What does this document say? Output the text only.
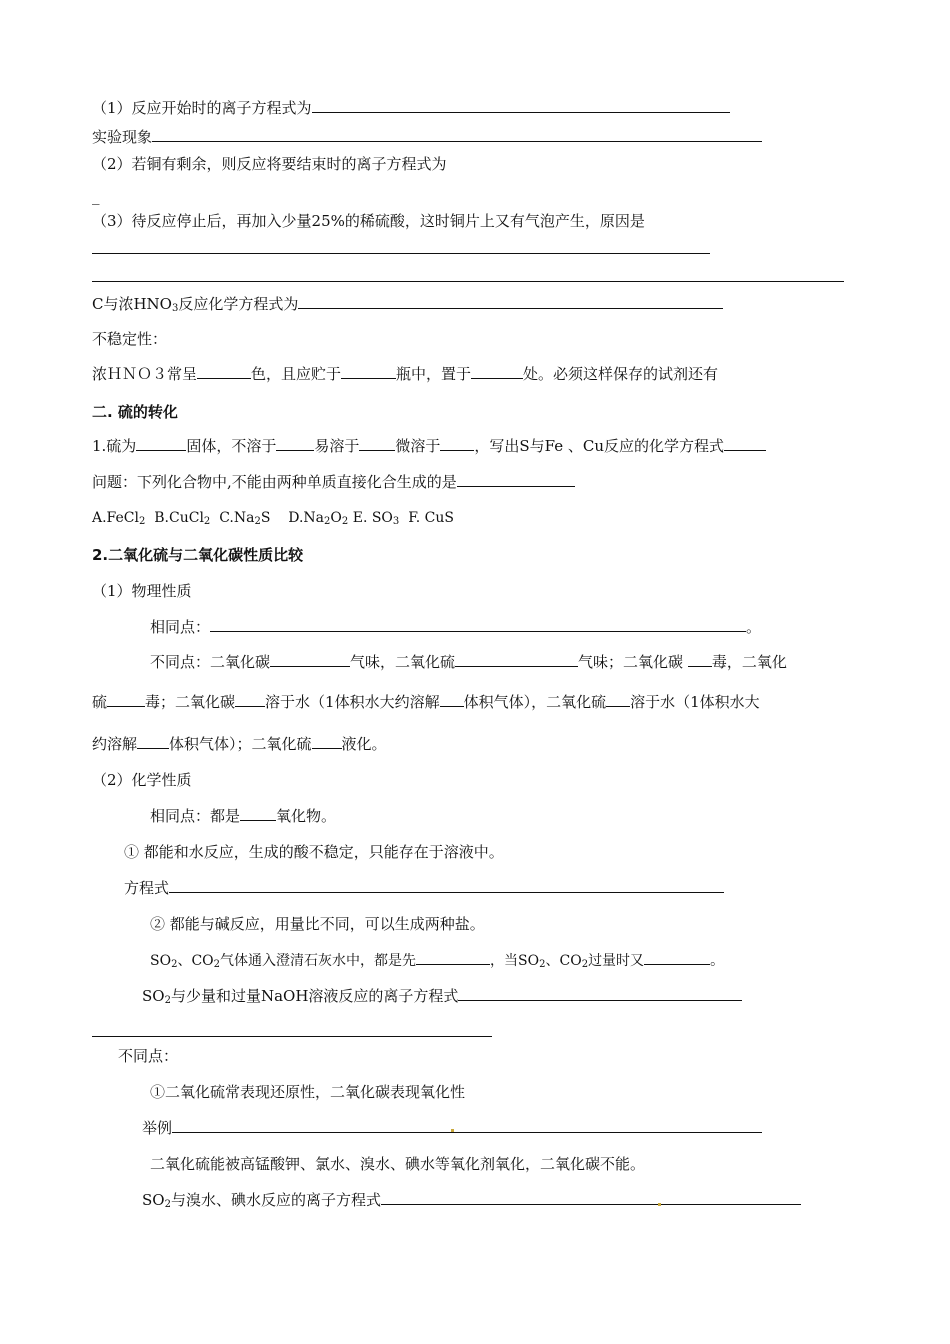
（1）反应开始时的离子方程式为
实验现象
（2）若铜有剩余，则反应将要结束时的离子方程式为
_
（3）待反应停止后，再加入少量25%的稀硫酸，这时铜片上又有气泡产生，原因是
C与浓$HNO_3$反应化学方程式为
不稳定性：
浓ＨＮＯ３常呈	色，且应贮于	瓶中，置于	处。必须这样保存的试剂还有
二. 硫的转化
1.硫为	固体，不溶于	易溶于 微溶于 ，写出S与Fe 、Cu反应的化学方程式
问题：下列化合物中,不能由两种单质直接化合生成的是
A.FeCl$_2$ B.CuCl$_2$ $C.Na_2S$ $D.Na_2O_2$ E. $SO_3$ F. CuS
2.二氧化硫与二氧化碳性质比较
（1）物理性质
相同点：	。
不同点：二氧化碳	气味，二氧化硫	气味；二氧化碳 毒，二氧化
硫	毒；二氧化碳 溶于水（1体积水大约溶解 体积气体），二氧化硫 溶于水（1体积水大
约溶解 体积气体）；二氧化硫 液化。
（2）化学性质
相同点：都是 氧化物。
① 都能和水反应，生成的酸不稳定，只能存在于溶液中。
方程式
② 都能与碱反应，用量比不同，可以生成两种盐。
$SO_2$、$CO_2$气体通入澄清石灰水中，都是先	，当$SO_2$、$CO_2$过量时又	。
$SO_2$与少量和过量NaOH溶液反应的离子方程式
不同点：
①二氧化硫常表现还原性，二氧化碳表现氧化性
举例
二氧化硫能被高锰酸钾、氯水、溴水、碘水等氧化剂氧化，二氧化碳不能。
$SO_2$与溴水、碘水反应的离子方程式
